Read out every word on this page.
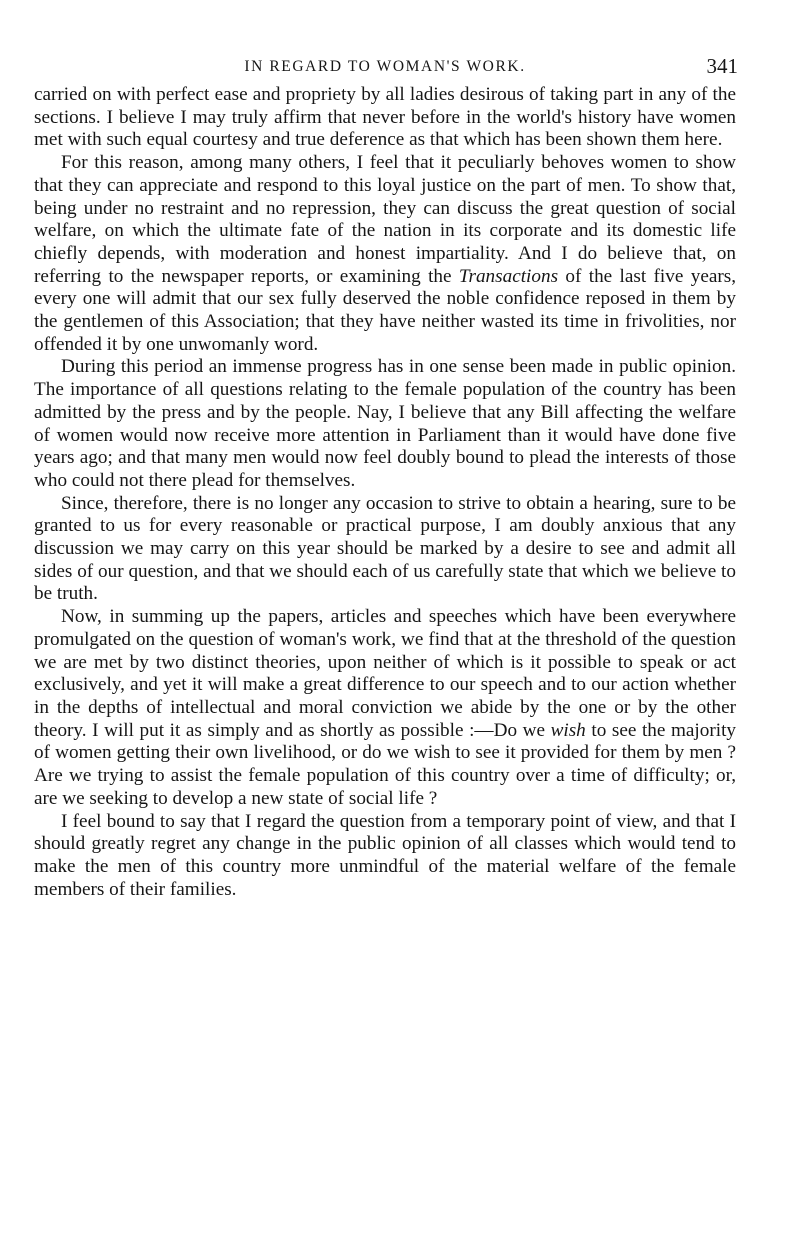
IN REGARD TO WOMAN'S WORK.	341

carried on with perfect ease and propriety by all ladies desirous of taking part in any of the sections. I believe I may truly affirm that never before in the world's history have women met with such equal courtesy and true deference as that which has been shown them here.

For this reason, among many others, I feel that it peculiarly behoves women to show that they can appreciate and respond to this loyal justice on the part of men. To show that, being under no restraint and no repression, they can discuss the great question of social welfare, on which the ultimate fate of the nation in its corporate and its domestic life chiefly depends, with moderation and honest impartiality. And I do believe that, on referring to the newspaper reports, or examining the Transactions of the last five years, every one will admit that our sex fully deserved the noble confidence reposed in them by the gentlemen of this Association; that they have neither wasted its time in frivolities, nor offended it by one unwomanly word.

During this period an immense progress has in one sense been made in public opinion. The importance of all questions relating to the female population of the country has been admitted by the press and by the people. Nay, I believe that any Bill affecting the welfare of women would now receive more attention in Parliament than it would have done five years ago; and that many men would now feel doubly bound to plead the interests of those who could not there plead for themselves.

Since, therefore, there is no longer any occasion to strive to obtain a hearing, sure to be granted to us for every reasonable or practical purpose, I am doubly anxious that any discussion we may carry on this year should be marked by a desire to see and admit all sides of our question, and that we should each of us carefully state that which we believe to be truth.

Now, in summing up the papers, articles and speeches which have been everywhere promulgated on the question of woman's work, we find that at the threshold of the question we are met by two distinct theories, upon neither of which is it possible to speak or act exclusively, and yet it will make a great difference to our speech and to our action whether in the depths of intellectual and moral conviction we abide by the one or by the other theory. I will put it as simply and as shortly as possible :—Do we wish to see the majority of women getting their own livelihood, or do we wish to see it provided for them by men ? Are we trying to assist the female population of this country over a time of difficulty; or, are we seeking to develop a new state of social life ?

I feel bound to say that I regard the question from a temporary point of view, and that I should greatly regret any change in the public opinion of all classes which would tend to make the men of this country more unmindful of the material welfare of the female members of their families.
